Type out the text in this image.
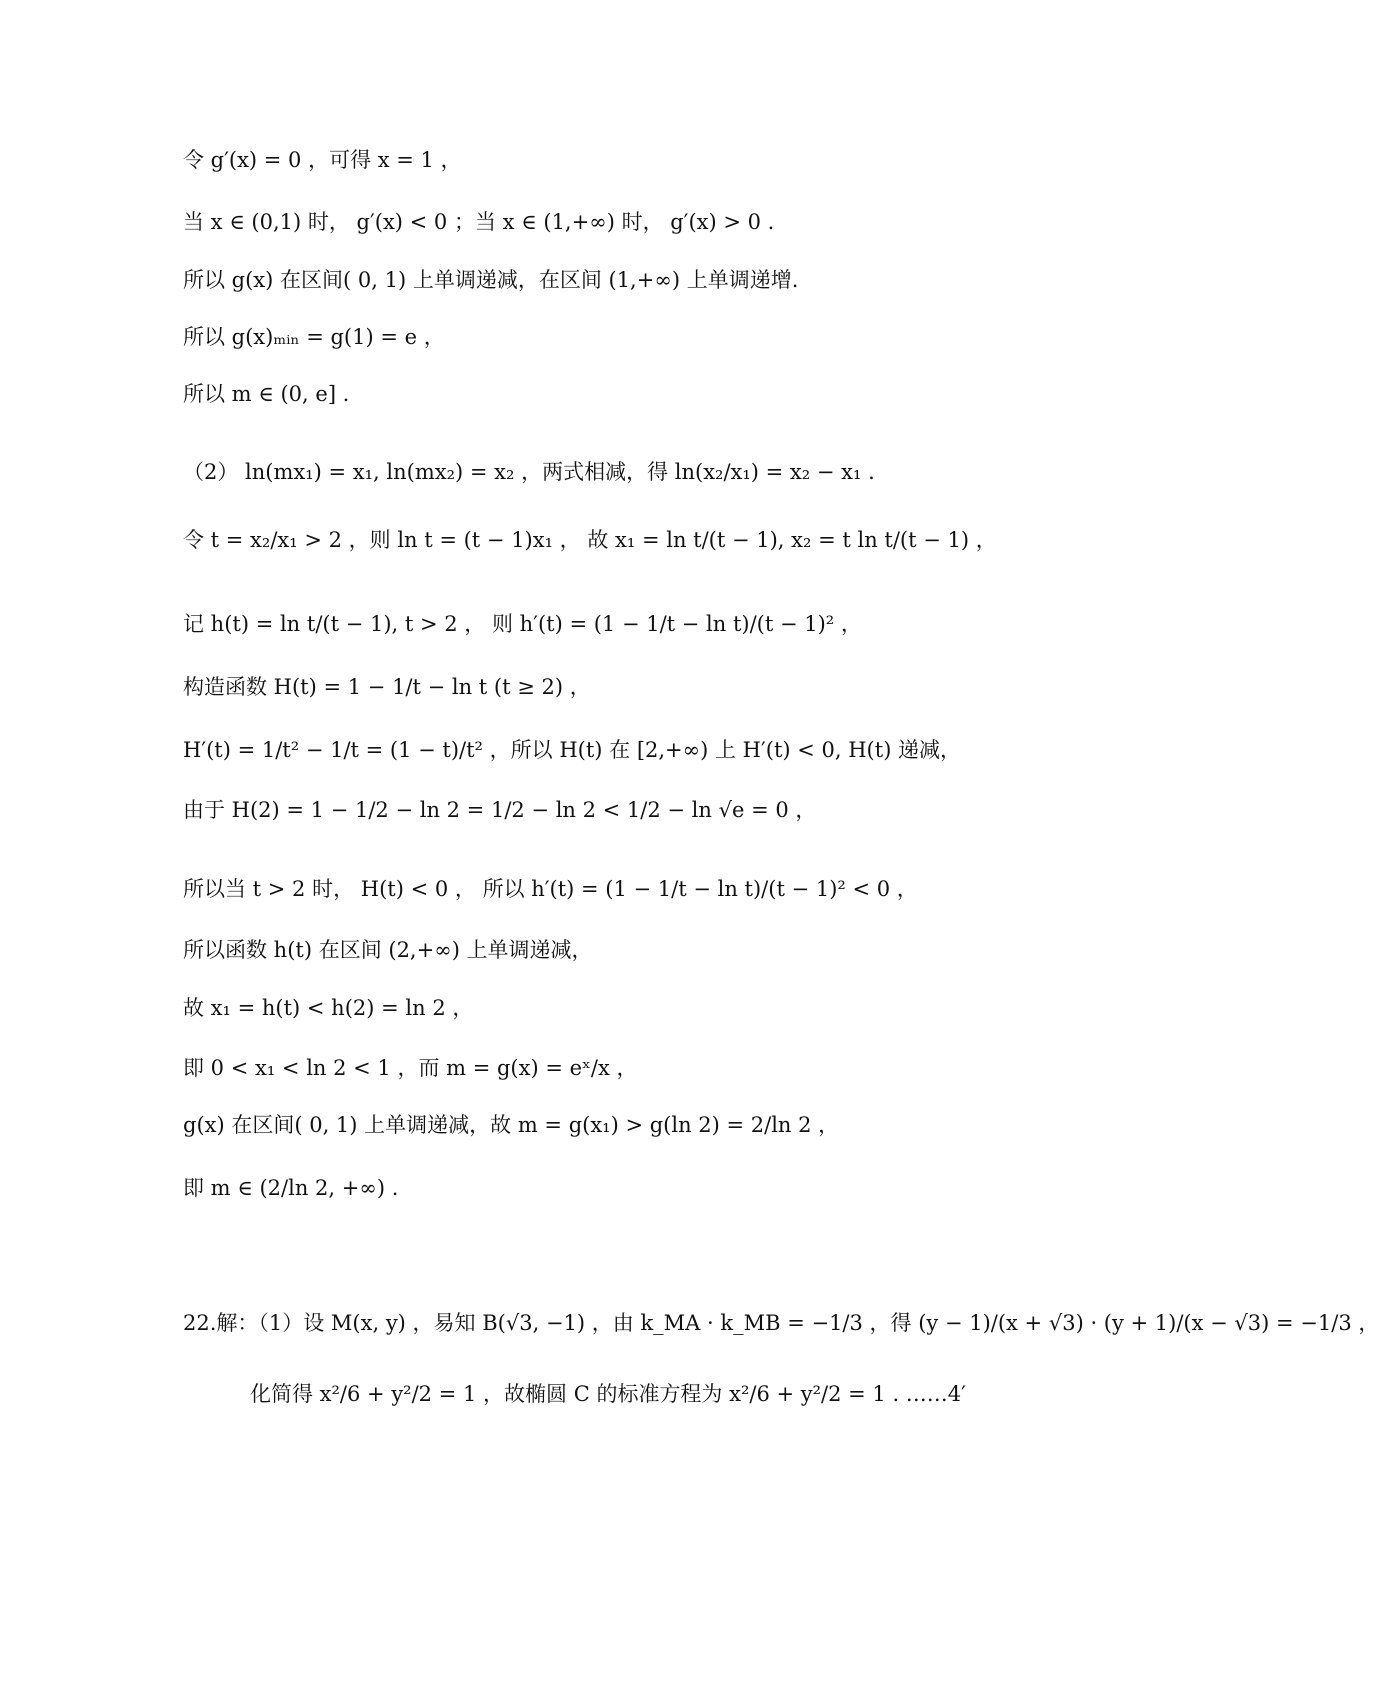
令 g′(x) = 0 ，可得 x = 1 ，
当 x ∈ (0,1) 时， g′(x) < 0 ；当 x ∈ (1,+∞) 时， g′(x) > 0 .
所以 g(x) 在区间( 0, 1) 上单调递减，在区间 (1,+∞) 上单调递增.
所以 g(x)ₘᵢₙ = g(1) = e ，
所以 m ∈ (0, e] .
（2） ln(mx₁) = x₁, ln(mx₂) = x₂ ，两式相减，得 ln(x₂/x₁) = x₂ − x₁ .
令 t = x₂/x₁ > 2 ，则 ln t = (t − 1)x₁ ， 故 x₁ = ln t/(t − 1), x₂ = t ln t/(t − 1) ，
记 h(t) = ln t/(t − 1), t > 2 ， 则 h′(t) = (1 − 1/t − ln t)/(t − 1)² ，
构造函数 H(t) = 1 − 1/t − ln t (t ≥ 2) ，
H′(t) = 1/t² − 1/t = (1 − t)/t² ，所以 H(t) 在 [2,+∞) 上 H′(t) < 0, H(t) 递减，
由于 H(2) = 1 − 1/2 − ln 2 = 1/2 − ln 2 < 1/2 − ln √e = 0 ，
所以当 t > 2 时， H(t) < 0 ， 所以 h′(t) = (1 − 1/t − ln t)/(t − 1)² < 0 ，
所以函数 h(t) 在区间 (2,+∞) 上单调递减，
故 x₁ = h(t) < h(2) = ln 2 ，
即 0 < x₁ < ln 2 < 1 ，而 m = g(x) = eˣ/x ，
g(x) 在区间( 0, 1) 上单调递减，故 m = g(x₁) > g(ln 2) = 2/ln 2 ，
即 m ∈ (2/ln 2, +∞) .
22.解：（1）设 M(x, y) ，易知 B(√3, −1) ，由 k_MA · k_MB = −1/3 ，得 (y − 1)/(x + √3) · (y + 1)/(x − √3) = −1/3 ，
化简得 x²/6 + y²/2 = 1 ，故椭圆 C 的标准方程为 x²/6 + y²/2 = 1 . ……4′
